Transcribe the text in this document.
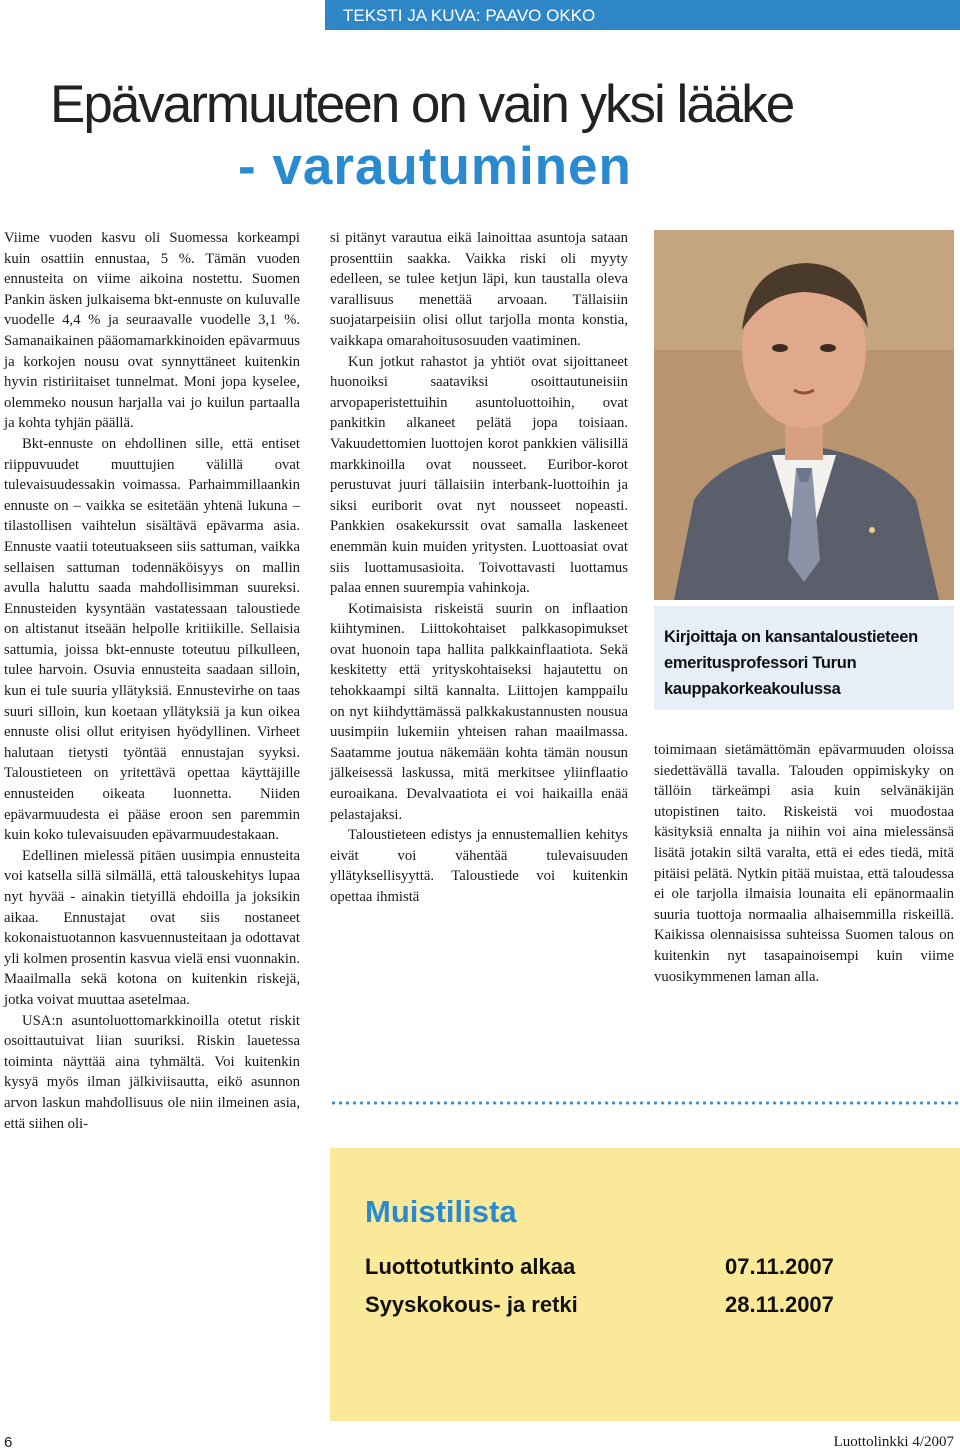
TEKSTI JA KUVA: PAAVO OKKO
Epävarmuuteen on vain yksi lääke
- varautuminen

Viime vuoden kasvu oli Suomessa korkeampi kuin osattiin ennustaa, 5 %. Tämän vuoden ennusteita on viime aikoina nostettu. Suomen Pankin äsken julkaisema bkt-ennuste on kuluvalle vuodelle 4,4 % ja seuraavalle vuodelle 3,1 %. Samanaikainen pääomamarkkinoiden epävarmuus ja korkojen nousu ovat synnyttäneet kuitenkin hyvin ristiriitaiset tunnelmat. Moni jopa kyselee, olemmeko nousun harjalla vai jo kuilun partaalla ja kohta tyhjän päällä.

Bkt-ennuste on ehdollinen sille, että entiset riippuvuudet muuttujien välillä ovat tulevaisuudessakin voimassa. Parhaimmillaankin ennuste on – vaikka se esitetään yhtenä lukuna – tilastollisen vaihtelun sisältävä epävarma asia. Ennuste vaatii toteutuakseen siis sattuman, vaikka sellaisen sattuman todennäköisyys on mallin avulla haluttu saada mahdollisimman suureksi. Ennusteiden kysyntään vastatessaan taloustiede on altistanut itseään helpolle kritiikille. Sellaisia sattumia, joissa bkt-ennuste toteutuu pilkulleen, tulee harvoin. Osuvia ennusteita saadaan silloin, kun ei tule suuria yllätyksiä. Ennustevirhe on taas suuri silloin, kun koetaan yllätyksiä ja kun oikea ennuste olisi ollut erityisen hyödyllinen. Virheet halutaan tietysti työntää ennustajan syyksi. Taloustieteen on yritettävä opettaa käyttäjille ennusteiden oikeata luonnetta. Niiden epävarmuudesta ei pääse eroon sen paremmin kuin koko tulevaisuuden epävarmuudestakaan.

Edellinen mielessä pitäen uusimpia ennusteita voi katsella sillä silmällä, että talouskehitys lupaa nyt hyvää - ainakin tietyillä ehdoilla ja joksikin aikaa. Ennustajat ovat siis nostaneet kokonaistuotannon kasvuennusteitaan ja odottavat yli kolmen prosentin kasvua vielä ensi vuonnakin. Maailmalla sekä kotona on kuitenkin riskejä, jotka voivat muuttaa asetelmaa.

USA:n asuntoluottomarkkinoilla otetut riskit osoittautuivat liian suuriksi. Riskin lauetessa toiminta näyttää aina tyhmältä. Voi kuitenkin kysyä myös ilman jälkiviisautta, eikö asunnon arvon laskun mahdollisuus ole niin ilmeinen asia, että siihen oli-

si pitänyt varautua eikä lainoittaa asuntoja sataan prosenttiin saakka. Vaikka riski oli myyty edelleen, se tulee ketjun läpi, kun taustalla oleva varallisuus menettää arvoaan. Tällaisiin suojatarpeisiin olisi ollut tarjolla monta konstia, vaikkapa omarahoitusosuuden vaatiminen.

Kun jotkut rahastot ja yhtiöt ovat sijoittaneet huonoiksi saataviksi osoittautuneisiin arvopaperistettuihin asuntoluottoihin, ovat pankitkin alkaneet pelätä jopa toisiaan. Vakuudettomien luottojen korot pankkien välisillä markkinoilla ovat nousseet. Euribor-korot perustuvat juuri tällaisiin interbank-luottoihin ja siksi euriborit ovat nyt nousseet nopeasti. Pankkien osakekurssit ovat samalla laskeneet enemmän kuin muiden yritysten. Luottoasiat ovat siis luottamusasioita. Toivottavasti luottamus palaa ennen suurempia vahinkoja.

Kotimaisista riskeistä suurin on inflaation kiihtyminen. Liittokohtaiset palkkasopimukset ovat huonoin tapa hallita palkkainflaatiota. Sekä keskitetty että yrityskohtaiseksi hajautettu on tehokkaampi siltä kannalta. Liittojen kamppailu on nyt kiihdyttämässä palkkakustannusten nousua uusimpiin lukemiin yhteisen rahan maailmassa. Saatamme joutua näkemään kohta tämän nousun jälkeisessä laskussa, mitä merkitsee yliinflaatio euroaikana. Devalvaatiota ei voi haikailla enää pelastajaksi.

Taloustieteen edistys ja ennustemallien kehitys eivät voi vähentää tulevaisuuden yllätyksellisyyttä. Taloustiede voi kuitenkin opettaa ihmistä

Kirjoittaja on kansantaloustieteen emeritusprofessori Turun kauppakorkeakoulussa

toimimaan sietämättömän epävarmuuden oloissa siedettävällä tavalla. Talouden oppimiskyky on tällöin tärkeämpi asia kuin selvänäkijän utopistinen taito. Riskeistä voi muodostaa käsityksiä ennalta ja niihin voi aina mielessänsä lisätä jotakin siltä varalta, että ei edes tiedä, mitä pitäisi pelätä. Nytkin pitää muistaa, että taloudessa ei ole tarjolla ilmaisia lounaita eli epänormaalin suuria tuottoja normaalia alhaisemmilla riskeillä. Kaikissa olennaisissa suhteissa Suomen talous on kuitenkin nyt tasapainoisempi kuin viime vuosikymmenen laman alla.

Muistilista
Luottotutkinto alkaa	07.11.2007
Syyskokous- ja retki	28.11.2007
6	Luottolinkki 4/2007
